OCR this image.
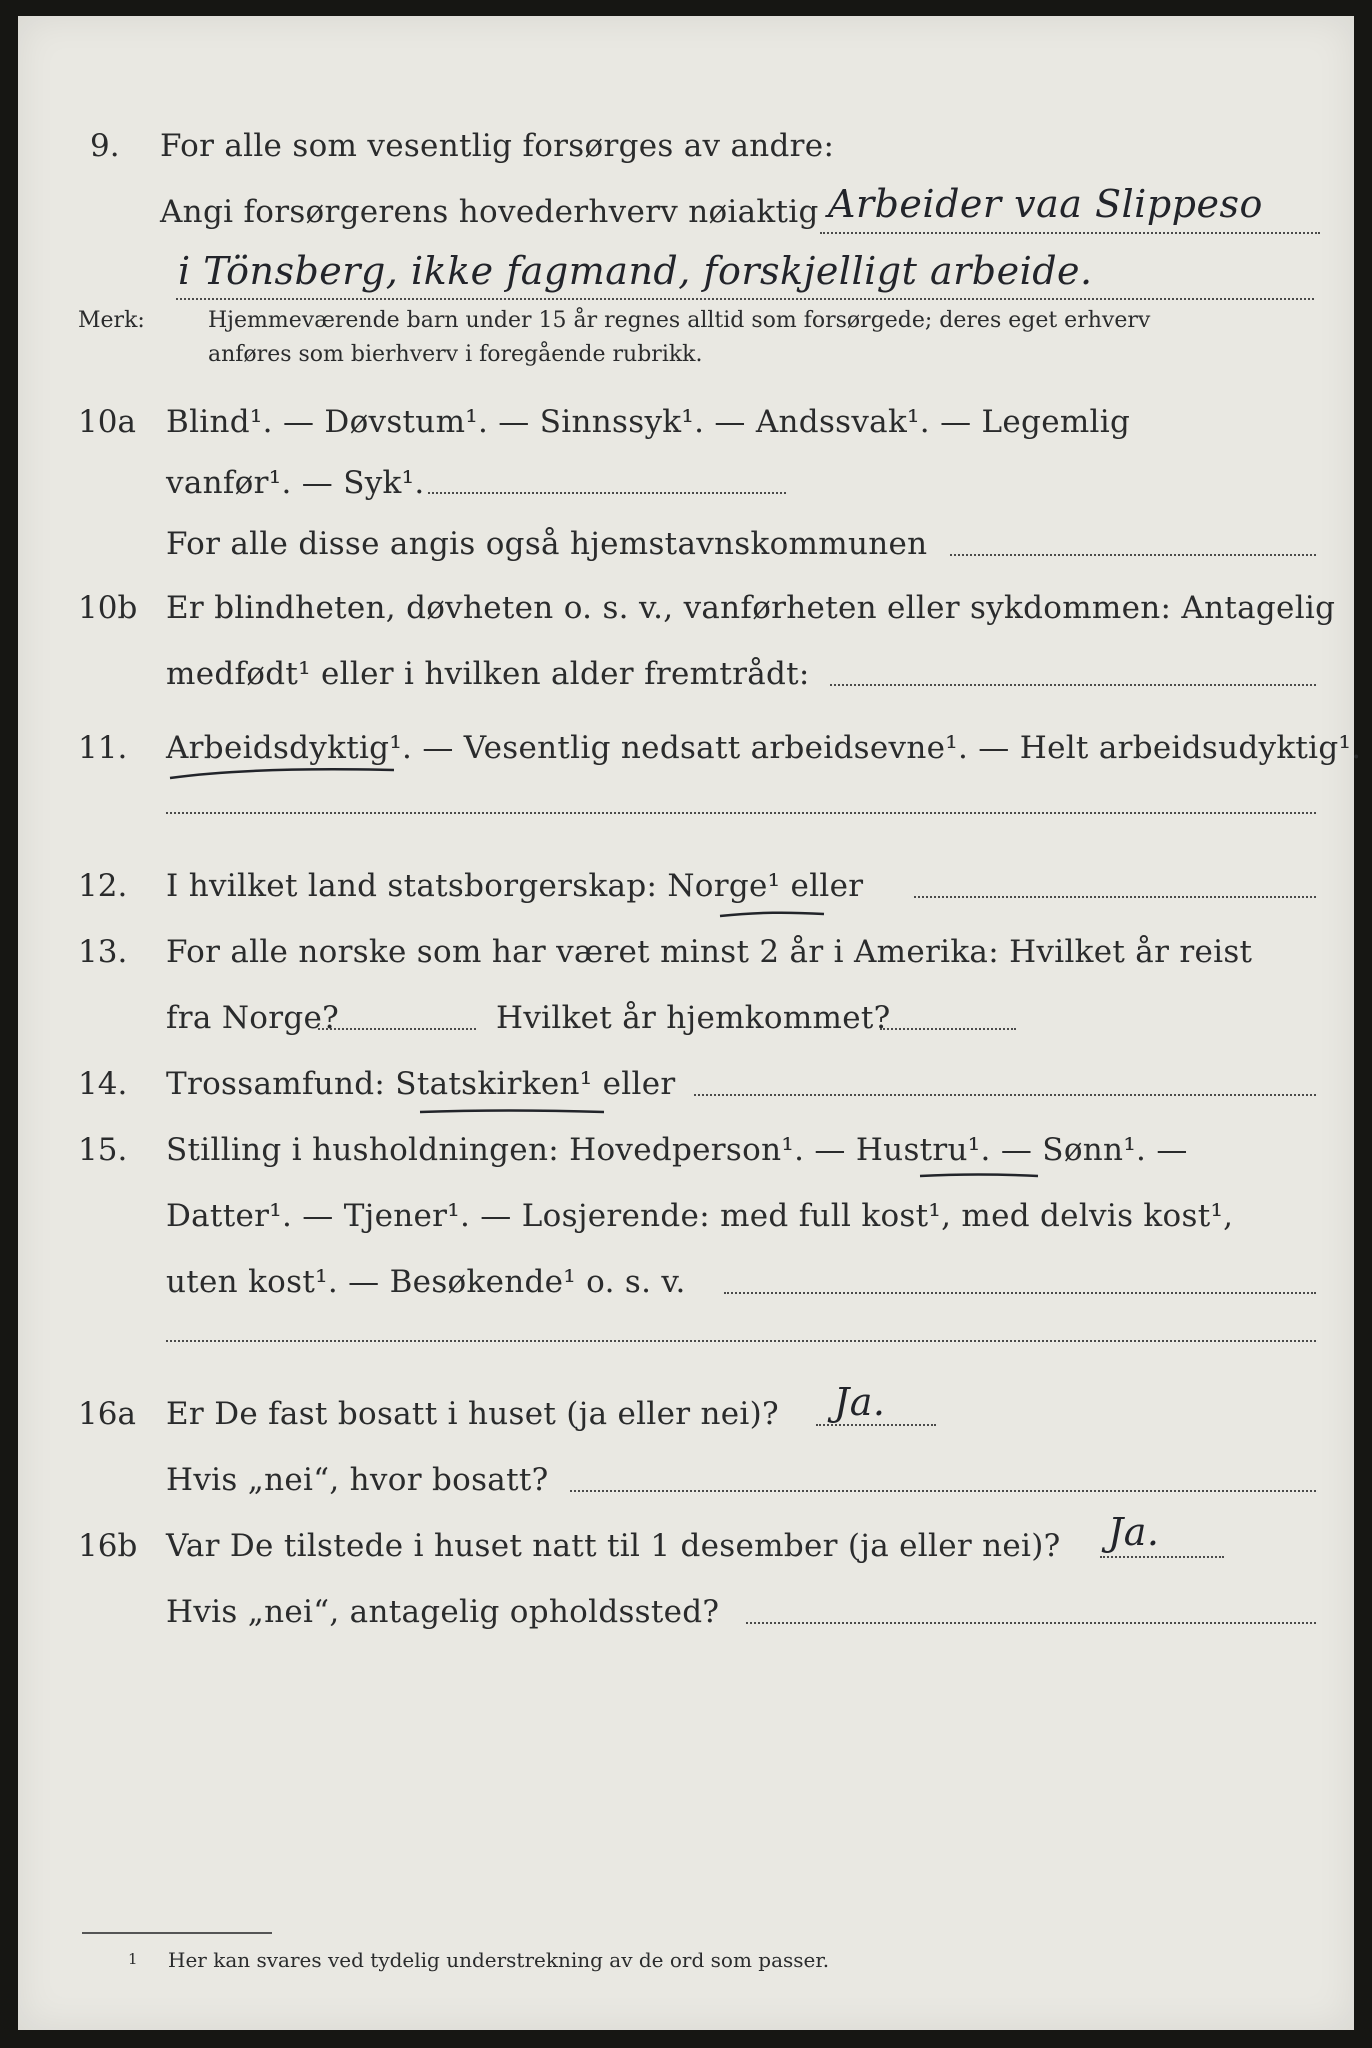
9. For alle som vesentlig forsørges av andre:
Angi forsørgerens hovederhverv nøiaktig Arbeider vaa Slippeso
i Tönsberg, ikke fagmand, forskjelligt arbeide.
Merk:	Hjemmeværende barn under 15 år regnes alltid som forsørgede; deres eget erhverv
anføres som bierhverv i foregående rubrikk.
10a Blind¹. — Døvstum¹. — Sinnssyk¹. — Andssvak¹. — Legemlig
vanfør¹. — Syk¹.
For alle disse angis også hjemstavnskommunen
10b Er blindheten, døvheten o. s. v., vanførheten eller sykdommen: Antagelig
medfødt¹ eller i hvilken alder fremtrådt:
11. Arbeidsdyktig¹. — Vesentlig nedsatt arbeidsevne¹. — Helt arbeidsudyktig¹.
12. I hvilket land statsborgerskap: Norge¹ eller
13. For alle norske som har været minst 2 år i Amerika: Hvilket år reist
fra Norge?	Hvilket år hjemkommet?
14. Trossamfund: Statskirken¹ eller
15. Stilling i husholdningen: Hovedperson¹. — Hustru¹. — Sønn¹. —
Datter¹. — Tjener¹. — Losjerende: med full kost¹, med delvis kost¹,
uten kost¹. — Besøkende¹ o. s. v.
16a Er De fast bosatt i huset (ja eller nei)? Ja.
Hvis „nei“, hvor bosatt?
16b Var De tilstede i huset natt til 1 desember (ja eller nei)? Ja.
Hvis „nei“, antagelig opholdssted?
1 Her kan svares ved tydelig understrekning av de ord som passer.
